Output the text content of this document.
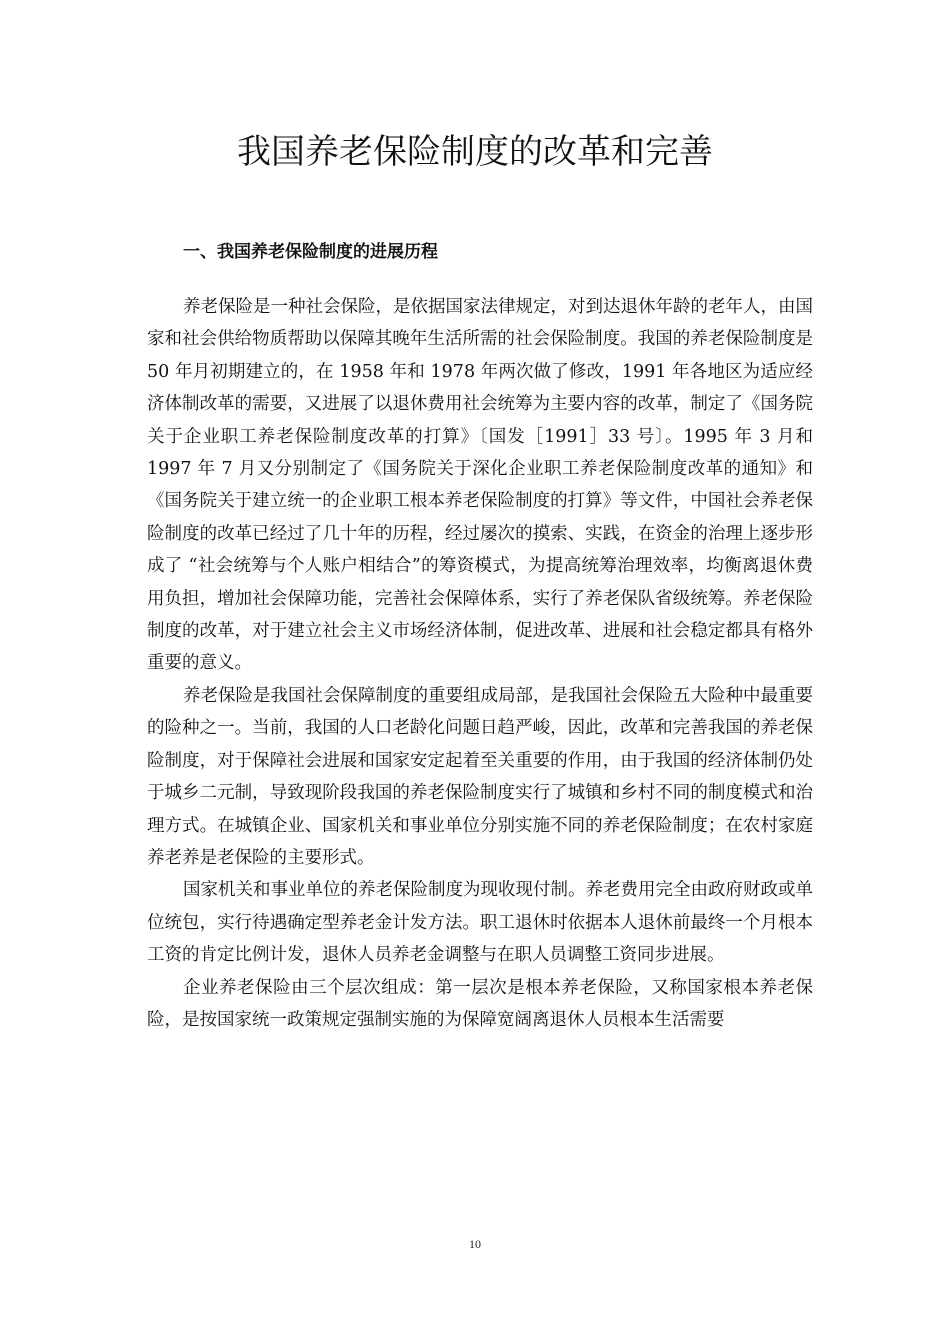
我国养老保险制度的改革和完善
一、我国养老保险制度的进展历程

养老保险是一种社会保险，是依据国家法律规定，对到达退休年龄的老年人，由国家和社会供给物质帮助以保障其晚年生活所需的社会保险制度。我国的养老保险制度是 50 年月初期建立的，在 1958 年和 1978 年两次做了修改，1991 年各地区为适应经济体制改革的需要，又进展了以退休费用社会统筹为主要内容的改革，制定了《国务院关于企业职工养老保险制度改革的打算》〔国发［1991］33 号〕。1995 年 3 月和 1997 年 7 月又分别制定了《国务院关于深化企业职工养老保险制度改革的通知》和《国务院关于建立统一的企业职工根本养老保险制度的打算》等文件，中国社会养老保险制度的改革已经过了几十年的历程，经过屡次的摸索、实践，在资金的治理上逐步形成了 “社会统筹与个人账户相结合”的筹资模式，为提高统筹治理效率，均衡离退休费用负担，增加社会保障功能，完善社会保障体系，实行了养老保队省级统筹。养老保险制度的改革，对于建立社会主义市场经济体制，促进改革、进展和社会稳定都具有格外重要的意义。

养老保险是我国社会保障制度的重要组成局部，是我国社会保险五大险种中最重要的险种之一。当前，我国的人口老龄化问题日趋严峻，因此，改革和完善我国的养老保险制度，对于保障社会进展和国家安定起着至关重要的作用，由于我国的经济体制仍处于城乡二元制，导致现阶段我国的养老保险制度实行了城镇和乡村不同的制度模式和治理方式。在城镇企业、国家机关和事业单位分别实施不同的养老保险制度；在农村家庭养老养是老保险的主要形式。

国家机关和事业单位的养老保险制度为现收现付制。养老费用完全由政府财政或单位统包，实行待遇确定型养老金计发方法。职工退休时依据本人退休前最终一个月根本工资的肯定比例计发，退休人员养老金调整与在职人员调整工资同步进展。

企业养老保险由三个层次组成：第一层次是根本养老保险，又称国家根本养老保险，是按国家统一政策规定强制实施的为保障宽阔离退休人员根本生活需要

10
